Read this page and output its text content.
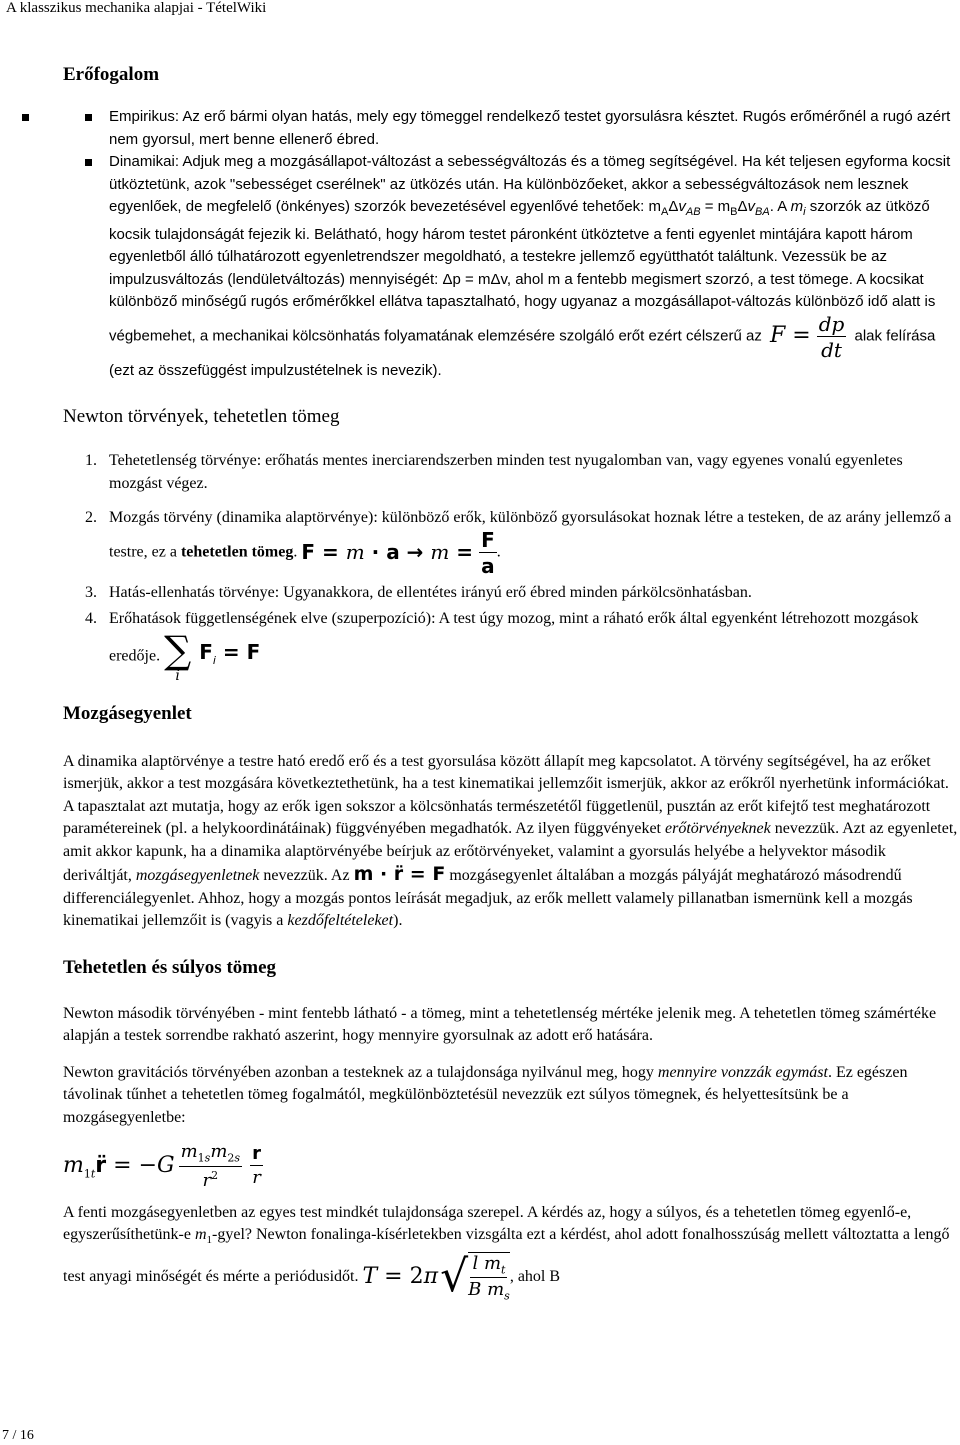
A klasszikus mechanika alapjai - TételWiki
Erőfogalom
Empirikus: Az erő bármi olyan hatás, mely egy tömeggel rendelkező testet gyorsulásra késztet. Rugós erőmérőnél a rugó azért nem gyorsul, mert benne ellenerő ébred.
Dinamikai: Adjuk meg a mozgásállapot-változást a sebességváltozás és a tömeg segítségével. Ha két teljesen egyforma kocsit ütköztetünk, azok "sebességet cserélnek" az ütközés után. Ha különbözőeket, akkor a sebességváltozások nem lesznek egyenlőek, de megfelelő (önkényes) szorzók bevezetésével egyenlővé tehetőek: $m_A\Delta v_{AB} = m_B\Delta v_{BA}$. A $m_i$ szorzók az ütköző kocsik tulajdonságát fejezik ki. Belátható, hogy három testet páronként ütköztetve a fenti egyenlet mintájára kapott három egyenletből álló túlhatározott egyenletrendszer megoldható, a testekre jellemző együtthatót találtunk. Vezessük be az impulzusváltozás (lendületváltozás) mennyiségét: Δp = mΔv, ahol m a fentebb megismert szorzó, a test tömege. A kocsikat különböző minőségű rugós erőmérőkkel ellátva tapasztalható, hogy ugyanaz a mozgásállapot-változás különböző idő alatt is végbemehet, a mechanikai kölcsönhatás folyamatának elemzésére szolgáló erőt ezért célszerű az $F = \frac{dp}{dt}$ alak felírása (ezt az összefüggést impulzustételnek is nevezik).
Newton törvények, tehetetlen tömeg
1. Tehetetlenség törvénye: erőhatás mentes inerciarendszerben minden test nyugalomban van, vagy egyenes vonalú egyenletes mozgást végez.
2. Mozgás törvény (dinamika alaptörvénye): különböző erők, különböző gyorsulásokat hoznak létre a testeken, de az arány jellemző a testre, ez a tehetetlen tömeg. $F = m \cdot a \to m = \frac{F}{a}$ .
3. Hatás-ellenhatás törvénye: Ugyanakkora, de ellentétes irányú erő ébred minden párkölcsönhatásban.
4. Erőhatások függetlenségének elve (szuperpozíció): A test úgy mozog, mint a ráható erők által egyenként létrehozott mozgások eredője. ∑
i
$F_i = F$
Mozgásegyenlet

A dinamika alaptörvénye a testre ható eredő erő és a test gyorsulása között állapít meg kapcsolatot. A törvény segítségével, ha az erőket ismerjük, akkor a test mozgására következtethetünk, ha a test kinematikai jellemzőit ismerjük, akkor az erőkről nyerhetünk információkat. A tapasztalat azt mutatja, hogy az erők igen sokszor a kölcsönhatás természetétől függetlenül, pusztán az erőt kifejtő test meghatározott paramétereinek (pl. a helykoordinátáinak) függvényében megadhatók. Az ilyen függvényeket erőtörvényeknek nevezzük. Azt az egyenletet, amit akkor kapunk, ha a dinamika alaptörvényébe beírjuk az erőtörvényeket, valamint a gyorsulás helyébe a helyvektor második deriváltját, mozgásegyenletnek nevezzük. Az m · r̈ = F mozgásegyenlet általában a mozgás pályáját meghatározó másodrendű differenciálegyenlet. Ahhoz, hogy a mozgás pontos leírását megadjuk, az erők mellett valamely pillanatban ismernünk kell a mozgás kinematikai jellemzőit is (vagyis a kezdőfeltételeket).

Tehetetlen és súlyos tömeg

Newton második törvényében - mint fentebb látható - a tömeg, mint a tehetetlenség mértéke jelenik meg. A tehetetlen tömeg számértéke alapján a testek sorrendbe rakható aszerint, hogy mennyire gyorsulnak az adott erő hatására.

Newton gravitációs törvényében azonban a testeknek az a tulajdonsága nyilvánul meg, hogy mennyire vonzzák egymást. Ez egészen távolinak tűnhet a tehetetlen tömeg fogalmától, megkülönböztetésül nevezzük ezt súlyos tömegnek, és helyettesítsünk be a mozgásegyenletbe:

$m_{1t}r̈ = -G \frac{m_{1s}m_{2s}}{r^2} \frac{r}{r}$

A fenti mozgásegyenletben az egyes test mindkét tulajdonsága szerepel. A kérdés az, hogy a súlyos, és a tehetetlen tömeg egyenlő-e, egyszerűsíthetünk-e $m_1$-gyel? Newton fonalinga-kísérletekben vizsgálta ezt a kérdést, ahol adott fonalhosszúság mellett változtatta a lengő test anyagi minőségét és mérte a periódusidőt. T = 2π √ $\frac{l m_t}{B m_s}$ , ahol B

7 / 16
